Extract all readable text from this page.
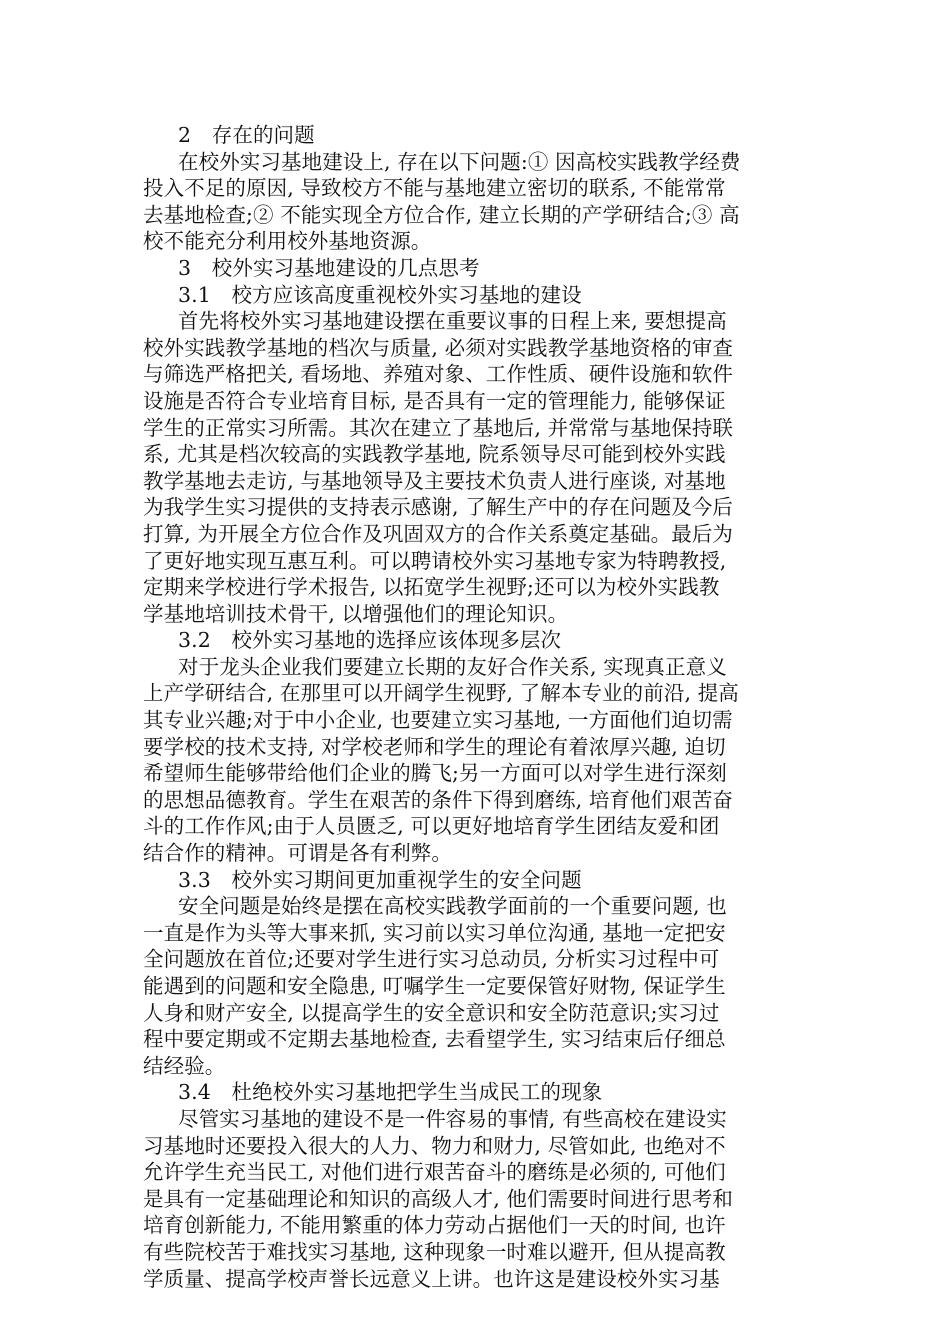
2　存在的问题
在校外实习基地建设上, 存在以下问题:① 因高校实践教学经费
投入不足的原因, 导致校方不能与基地建立密切的联系, 不能常常
去基地检查;② 不能实现全方位合作, 建立长期的产学研结合;③ 高
校不能充分利用校外基地资源。
3　校外实习基地建设的几点思考
3.1　校方应该高度重视校外实习基地的建设
首先将校外实习基地建设摆在重要议事的日程上来, 要想提高
校外实践教学基地的档次与质量, 必须对实践教学基地资格的审查
与筛选严格把关, 看场地、养殖对象、工作性质、硬件设施和软件
设施是否符合专业培育目标, 是否具有一定的管理能力, 能够保证
学生的正常实习所需。其次在建立了基地后, 并常常与基地保持联
系, 尤其是档次较高的实践教学基地, 院系领导尽可能到校外实践
教学基地去走访, 与基地领导及主要技术负责人进行座谈, 对基地
为我学生实习提供的支持表示感谢, 了解生产中的存在问题及今后
打算, 为开展全方位合作及巩固双方的合作关系奠定基础。最后为
了更好地实现互惠互利。可以聘请校外实习基地专家为特聘教授,
定期来学校进行学术报告, 以拓宽学生视野;还可以为校外实践教
学基地培训技术骨干, 以增强他们的理论知识。
3.2　校外实习基地的选择应该体现多层次
对于龙头企业我们要建立长期的友好合作关系, 实现真正意义
上产学研结合, 在那里可以开阔学生视野, 了解本专业的前沿, 提高
其专业兴趣;对于中小企业, 也要建立实习基地, 一方面他们迫切需
要学校的技术支持, 对学校老师和学生的理论有着浓厚兴趣, 迫切
希望师生能够带给他们企业的腾飞;另一方面可以对学生进行深刻
的思想品德教育。学生在艰苦的条件下得到磨练, 培育他们艰苦奋
斗的工作作风;由于人员匮乏, 可以更好地培育学生团结友爱和团
结合作的精神。可谓是各有利弊。
3.3　校外实习期间更加重视学生的安全问题
安全问题是始终是摆在高校实践教学面前的一个重要问题, 也
一直是作为头等大事来抓, 实习前以实习单位沟通, 基地一定把安
全问题放在首位;还要对学生进行实习总动员, 分析实习过程中可
能遇到的问题和安全隐患, 叮嘱学生一定要保管好财物, 保证学生
人身和财产安全, 以提高学生的安全意识和安全防范意识;实习过
程中要定期或不定期去基地检查, 去看望学生, 实习结束后仔细总
结经验。
3.4　杜绝校外实习基地把学生当成民工的现象
尽管实习基地的建设不是一件容易的事情, 有些高校在建设实
习基地时还要投入很大的人力、物力和财力, 尽管如此, 也绝对不
允许学生充当民工, 对他们进行艰苦奋斗的磨练是必须的, 可他们
是具有一定基础理论和知识的高级人才, 他们需要时间进行思考和
培育创新能力, 不能用繁重的体力劳动占据他们一天的时间, 也许
有些院校苦于难找实习基地, 这种现象一时难以避开, 但从提高教
学质量、提高学校声誉长远意义上讲。也许这是建设校外实习基
